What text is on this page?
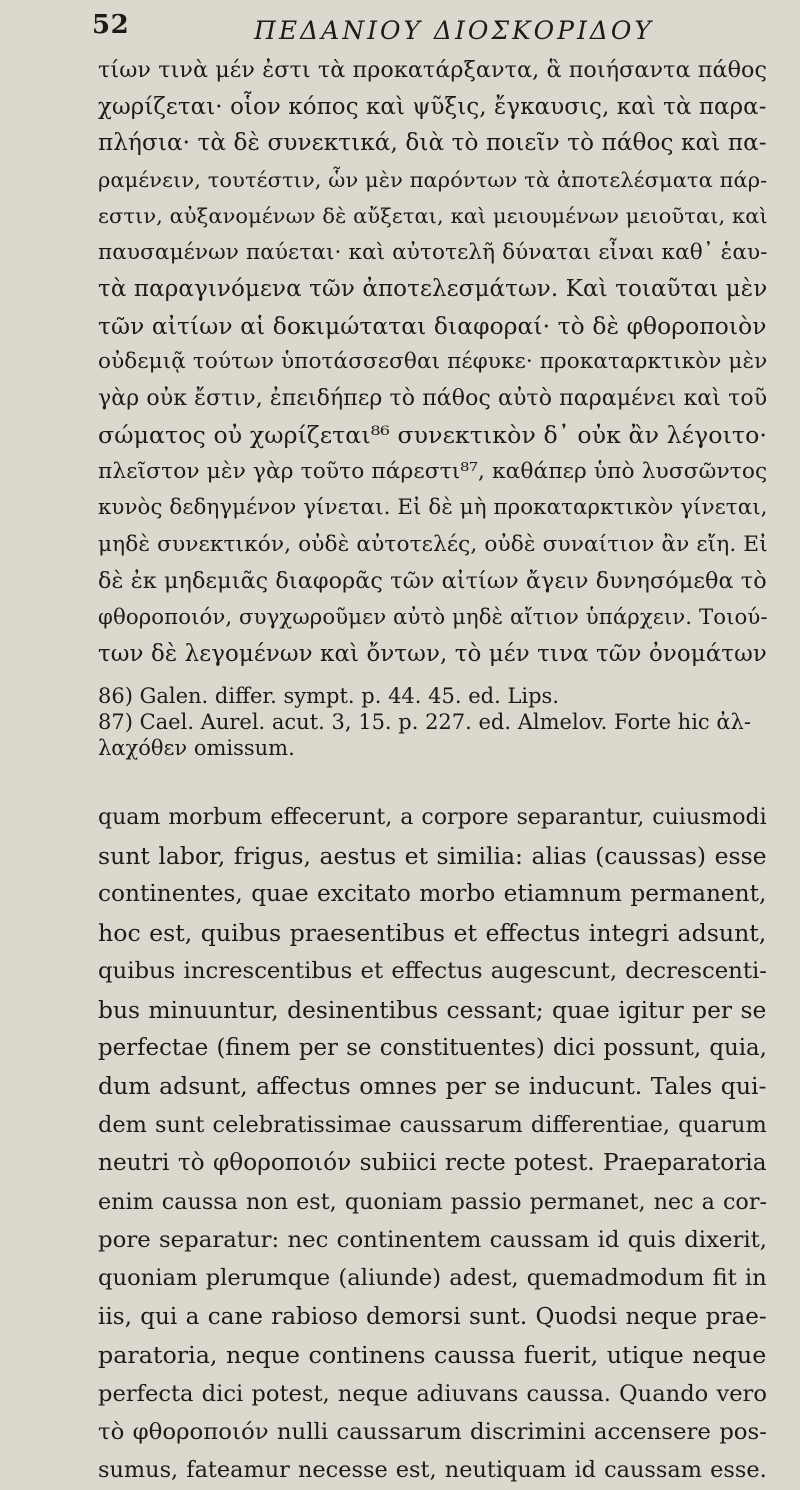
52	ΠΕΔΑΝΙΟΥ ΔΙΟΣΚΟΡΙΔΟΥ
τίων τινὰ μέν ἐστι τὰ προκατάρξαντα, ἃ ποιήσαντα πάθος
χωρίζεται· οἷον κόπος καὶ ψῦξις, ἔγκαυσις, καὶ τὰ παρα-
πλήσια· τὰ δὲ συνεκτικά, διὰ τὸ ποιεῖν τὸ πάθος καὶ πα-
ραμένειν, τουτέστιν, ὧν μὲν παρόντων τὰ ἀποτελέσματα πάρ-
εστιν, αὐξανομένων δὲ αὔξεται, καὶ μειουμένων μειοῦται, καὶ
παυσαμένων παύεται· καὶ αὐτοτελῆ δύναται εἶναι καθ᾿ ἑαυ-
τὰ παραγινόμενα τῶν ἀποτελεσμάτων. Καὶ τοιαῦται μὲν
τῶν αἰτίων αἱ δοκιμώταται διαφοραί· τὸ δὲ φθοροποιὸν
οὐδεμιᾷ τούτων ὑποτάσσεσθαι πέφυκε· προκαταρκτικὸν μὲν
γὰρ οὐκ ἔστιν, ἐπειδήπερ τὸ πάθος αὐτὸ παραμένει καὶ τοῦ
σώματος οὐ χωρίζεται⁸⁶ συνεκτικὸν δ᾿ οὐκ ἂν λέγοιτο·
πλεῖστον μὲν γὰρ τοῦτο πάρεστι⁸⁷, καθάπερ ὑπὸ λυσσῶντος
κυνὸς δεδηγμένον γίνεται. Εἰ δὲ μὴ προκαταρκτικὸν γίνεται,
μηδὲ συνεκτικόν, οὐδὲ αὐτοτελές, οὐδὲ συναίτιον ἂν εἴη. Εἰ
δὲ ἐκ μηδεμιᾶς διαφορᾶς τῶν αἰτίων ἄγειν δυνησόμεθα τὸ
φθοροποιόν, συγχωροῦμεν αὐτὸ μηδὲ αἴτιον ὑπάρχειν. Τοιού-
των δὲ λεγομένων καὶ ὄντων, τὸ μέν τινα τῶν ὀνομάτων
86) Galen. differ. sympt. p. 44. 45. ed. Lips.
87) Cael. Aurel. acut. 3, 15. p. 227. ed. Almelov. Forte hic ἀλ-
λαχόθεν omissum.
quam morbum effecerunt, a corpore separantur, cuiusmodi
sunt labor, frigus, aestus et similia: alias (caussas) esse
continentes, quae excitato morbo etiamnum permanent,
hoc est, quibus praesentibus et effectus integri adsunt,
quibus increscentibus et effectus augescunt, decrescenti-
bus minuuntur, desinentibus cessant; quae igitur per se
perfectae (finem per se constituentes) dici possunt, quia,
dum adsunt, affectus omnes per se inducunt. Tales qui-
dem sunt celebratissimae caussarum differentiae, quarum
neutri τὸ φθοροποιόν subiici recte potest. Praeparatoria
enim caussa non est, quoniam passio permanet, nec a cor-
pore separatur: nec continentem caussam id quis dixerit,
quoniam plerumque (aliunde) adest, quemadmodum fit in
iis, qui a cane rabioso demorsi sunt. Quodsi neque prae-
paratoria, neque continens caussa fuerit, utique neque
perfecta dici potest, neque adiuvans caussa. Quando vero
τὸ φθοροποιόν nulli caussarum discrimini accensere pos-
sumus, fateamur necesse est, neutiquam id caussam esse.
